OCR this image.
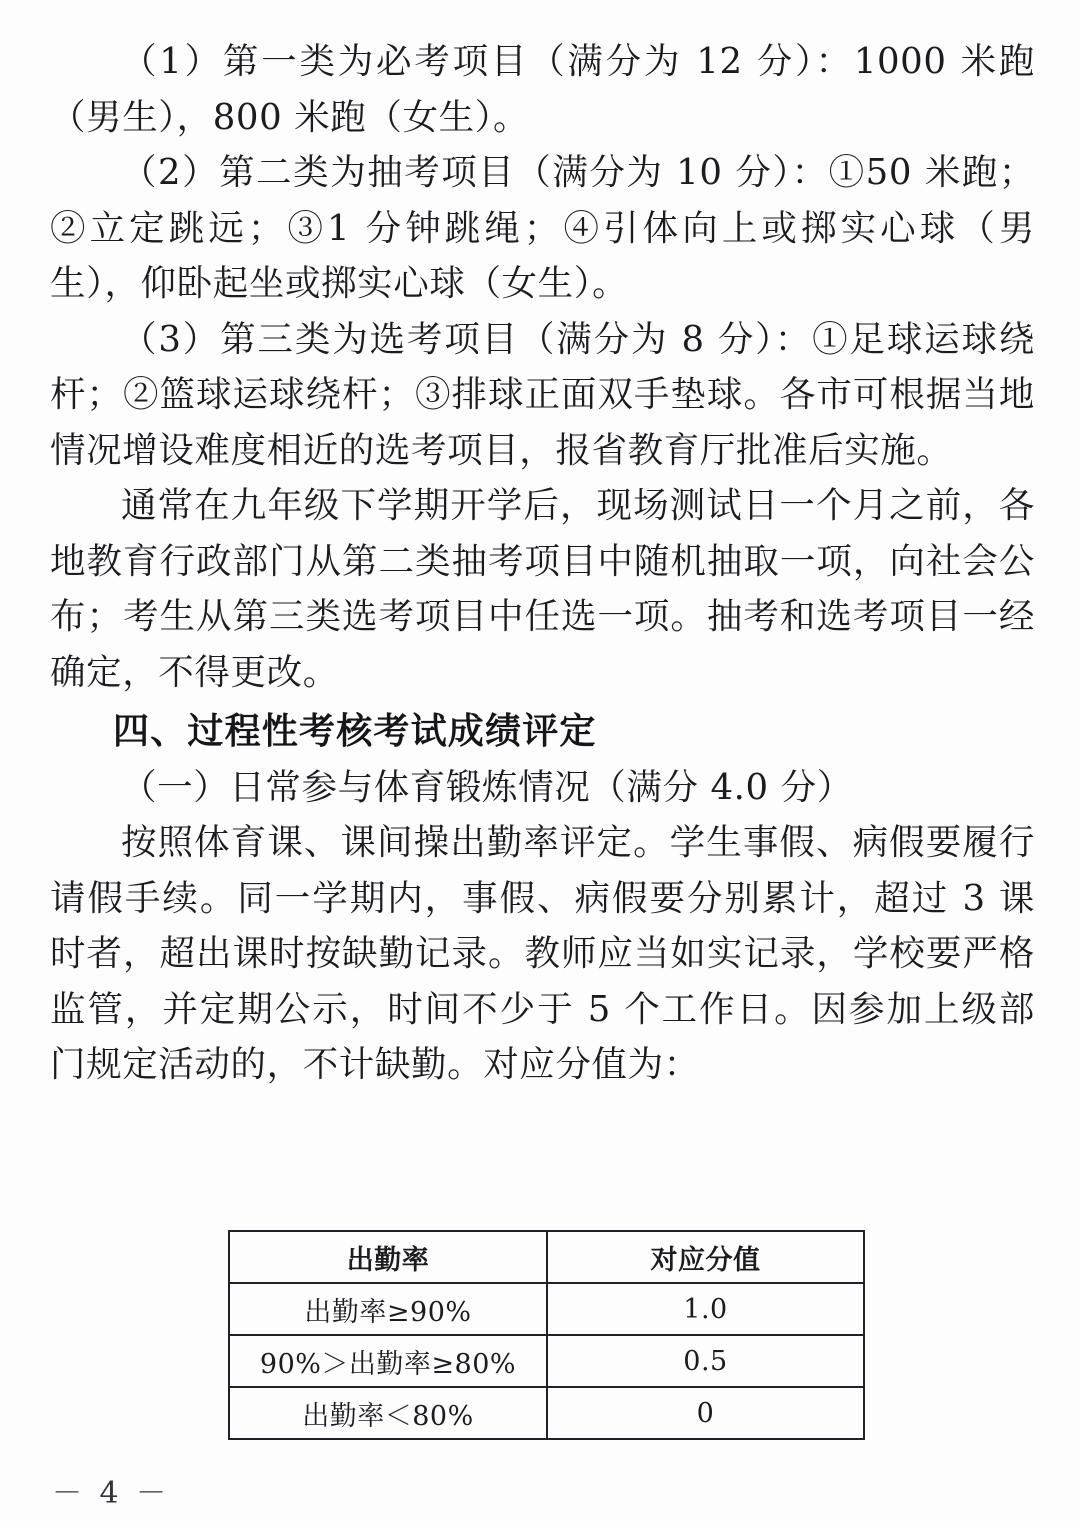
（1）第一类为必考项目（满分为 12 分）：1000 米跑（男生），800 米跑（女生）。

（2）第二类为抽考项目（满分为 10 分）：①50 米跑；②立定跳远；③1 分钟跳绳；④引体向上或掷实心球（男生），仰卧起坐或掷实心球（女生）。

（3）第三类为选考项目（满分为 8 分）：①足球运球绕杆；②篮球运球绕杆；③排球正面双手垫球。各市可根据当地情况增设难度相近的选考项目，报省教育厅批准后实施。

通常在九年级下学期开学后，现场测试日一个月之前，各地教育行政部门从第二类抽考项目中随机抽取一项，向社会公布；考生从第三类选考项目中任选一项。抽考和选考项目一经确定，不得更改。

四、过程性考核考试成绩评定

（一）日常参与体育锻炼情况（满分 4.0 分）

按照体育课、课间操出勤率评定。学生事假、病假要履行请假手续。同一学期内，事假、病假要分别累计，超过 3 课时者，超出课时按缺勤记录。教师应当如实记录，学校要严格监管，并定期公示，时间不少于 5 个工作日。因参加上级部门规定活动的，不计缺勤。对应分值为：

出勤率	对应分值
出勤率≥90%	1.0
90%＞出勤率≥80%	0.5
出勤率＜80%	0
－ 4 －
